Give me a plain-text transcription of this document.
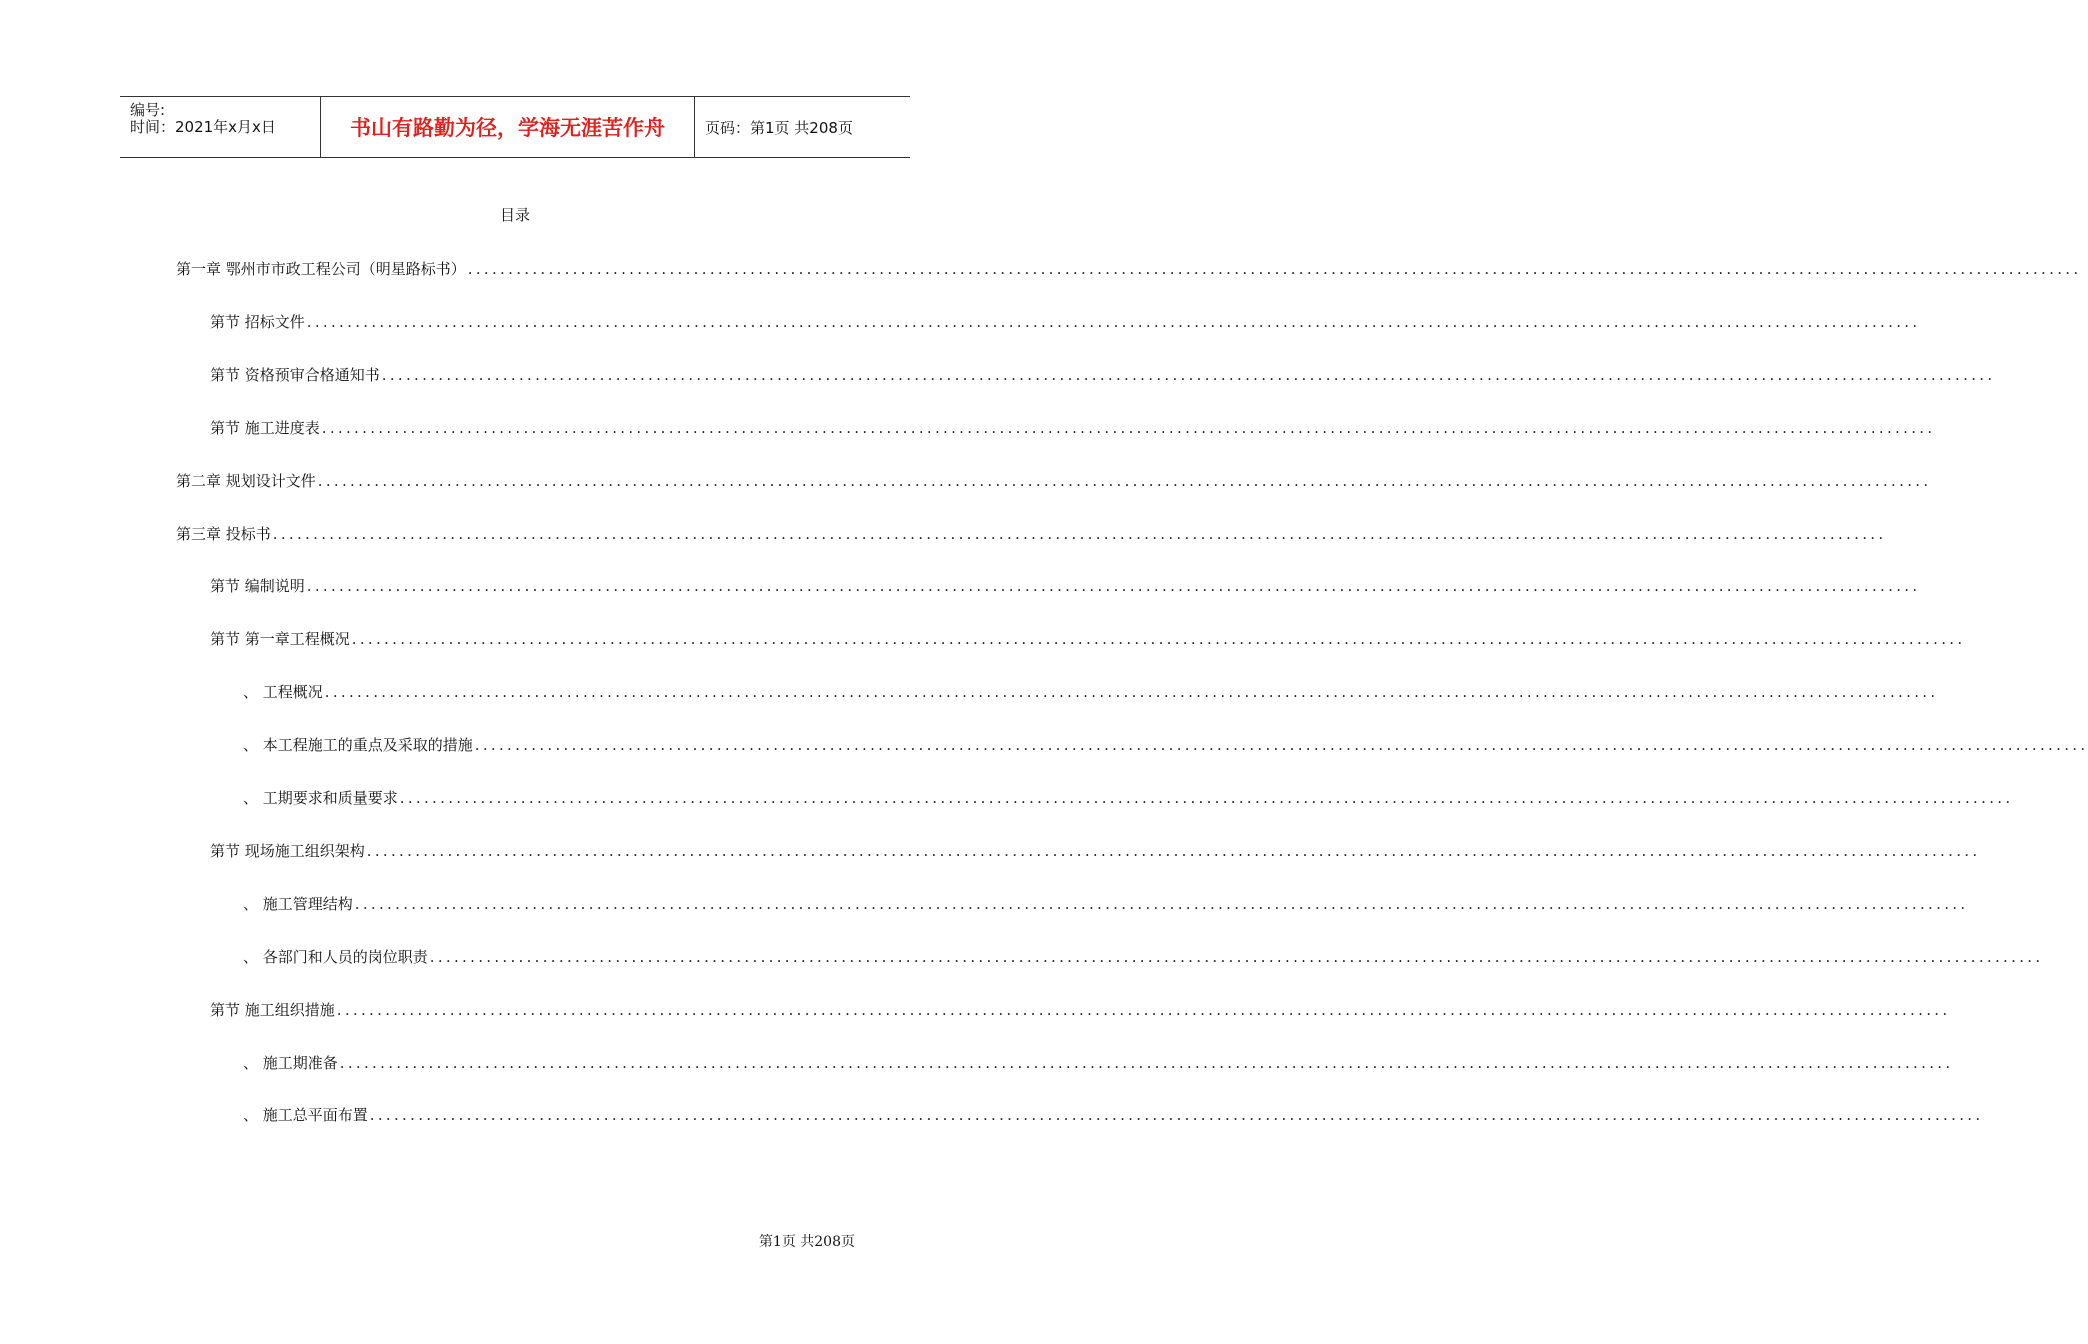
编号:
时间：2021年x月x日	书山有路勤为径，学海无涯苦作舟	页码：第1页 共208页
目录
第一章 鄂州市市政工程公司（明星路标书） ........................................................................................................................................................................................................
第节 招标文件 ........................................................................................................................................................................................................
第节 资格预审合格通知书 ........................................................................................................................................................................................................
第节 施工进度表 ........................................................................................................................................................................................................
第二章 规划设计文件 ........................................................................................................................................................................................................
第三章 投标书 ........................................................................................................................................................................................................
第节 编制说明 ........................................................................................................................................................................................................
第节 第一章工程概况 ........................................................................................................................................................................................................
、 工程概况 ........................................................................................................................................................................................................
、 本工程施工的重点及采取的措施 ........................................................................................................................................................................................................
、 工期要求和质量要求 ........................................................................................................................................................................................................
第节 现场施工组织架构 ........................................................................................................................................................................................................
、 施工管理结构 ........................................................................................................................................................................................................
、 各部门和人员的岗位职责 ........................................................................................................................................................................................................
第节 施工组织措施 ........................................................................................................................................................................................................
、 施工期准备 ........................................................................................................................................................................................................
、 施工总平面布置 ........................................................................................................................................................................................................
第1页 共208页
